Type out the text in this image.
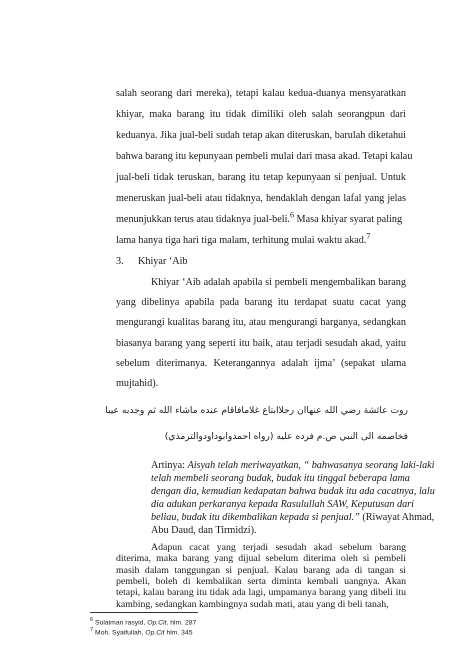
salah seorang dari mereka), tetapi kalau kedua-duanya mensyaratkan
khiyar, maka barang itu tidak dimiliki oleh salah seorangpun dari
keduanya. Jika jual-beli sudah tetap akan diteruskan, barulah diketahui
bahwa barang itu kepunyaan pembeli mulai dari masa akad. Tetapi kalau
jual-beli tidak teruskan, barang itu tetap kepunyaan si penjual. Untuk
meneruskan jual-beli atau tidaknya, hendaklah dengan lafal yang jelas
menunjukkan terus atau tidaknya jual-beli.$^6$ Masa khiyar syarat paling
lama hanya tiga hari tiga malam, terhitung mulai waktu akad.$^7$
3. Khiyar ‘Aib
Khiyar ‘Aib adalah apabila si pembeli mengembalikan barang
yang dibelinya apabila pada barang itu terdapat suatu cacat yang
mengurangi kualitas barang itu, atau mengurangi harganya, sedangkan
biasanya barang yang seperti itu baik, atau terjadi sesudah akad, yaitu
sebelum diterimanya. Keterangannya adalah ijma’ (sepakat ulama
mujtahid).
روت عائشة رضي الله عنهاان رجلاابتاع غلامافاقام عنده ماشاء الله ثم وجدبه عيبا
فخاصمه الى النبي ص.م فرده عليه (رواه احمدوابوداودوالترمذي)
Artinya: Aisyah telah meriwayatkan, “ bahwasanya seorang laki-laki
telah membeli seorang budak, budak itu tinggal beberapa lama
dengan dia, kemudian kedapatan bahwa budak itu ada cacatnya, lalu
dia adukan perkaranya kepada Rasulullah SAW, Keputusan dari
beliau, budak itu dikembalikan kepada si penjual.” (Riwayat Ahmad,
Abu Daud, dan Tirmidzi).
Adapun cacat yang terjadi sesudah akad sebelum barang
diterima, maka barang yang dijual sebelum diterima oleh si pembeli
masih dalam tanggungan si penjual. Kalau barang ada di tangan si
pembeli, boleh di kembalikan serta diminta kembali uangnya. Akan
$^6$ Sulaiman rasyid, Op.Cit, hlm. 287
$^7$ Moh. Syaifullah, Op.Cit hlm. 345
tetapi, kalau barang itu tidak ada lagi, umpamanya barang yang dibeli itu
kambing, sedangkan kambingnya sudah mati, atau yang di beli tanah,
